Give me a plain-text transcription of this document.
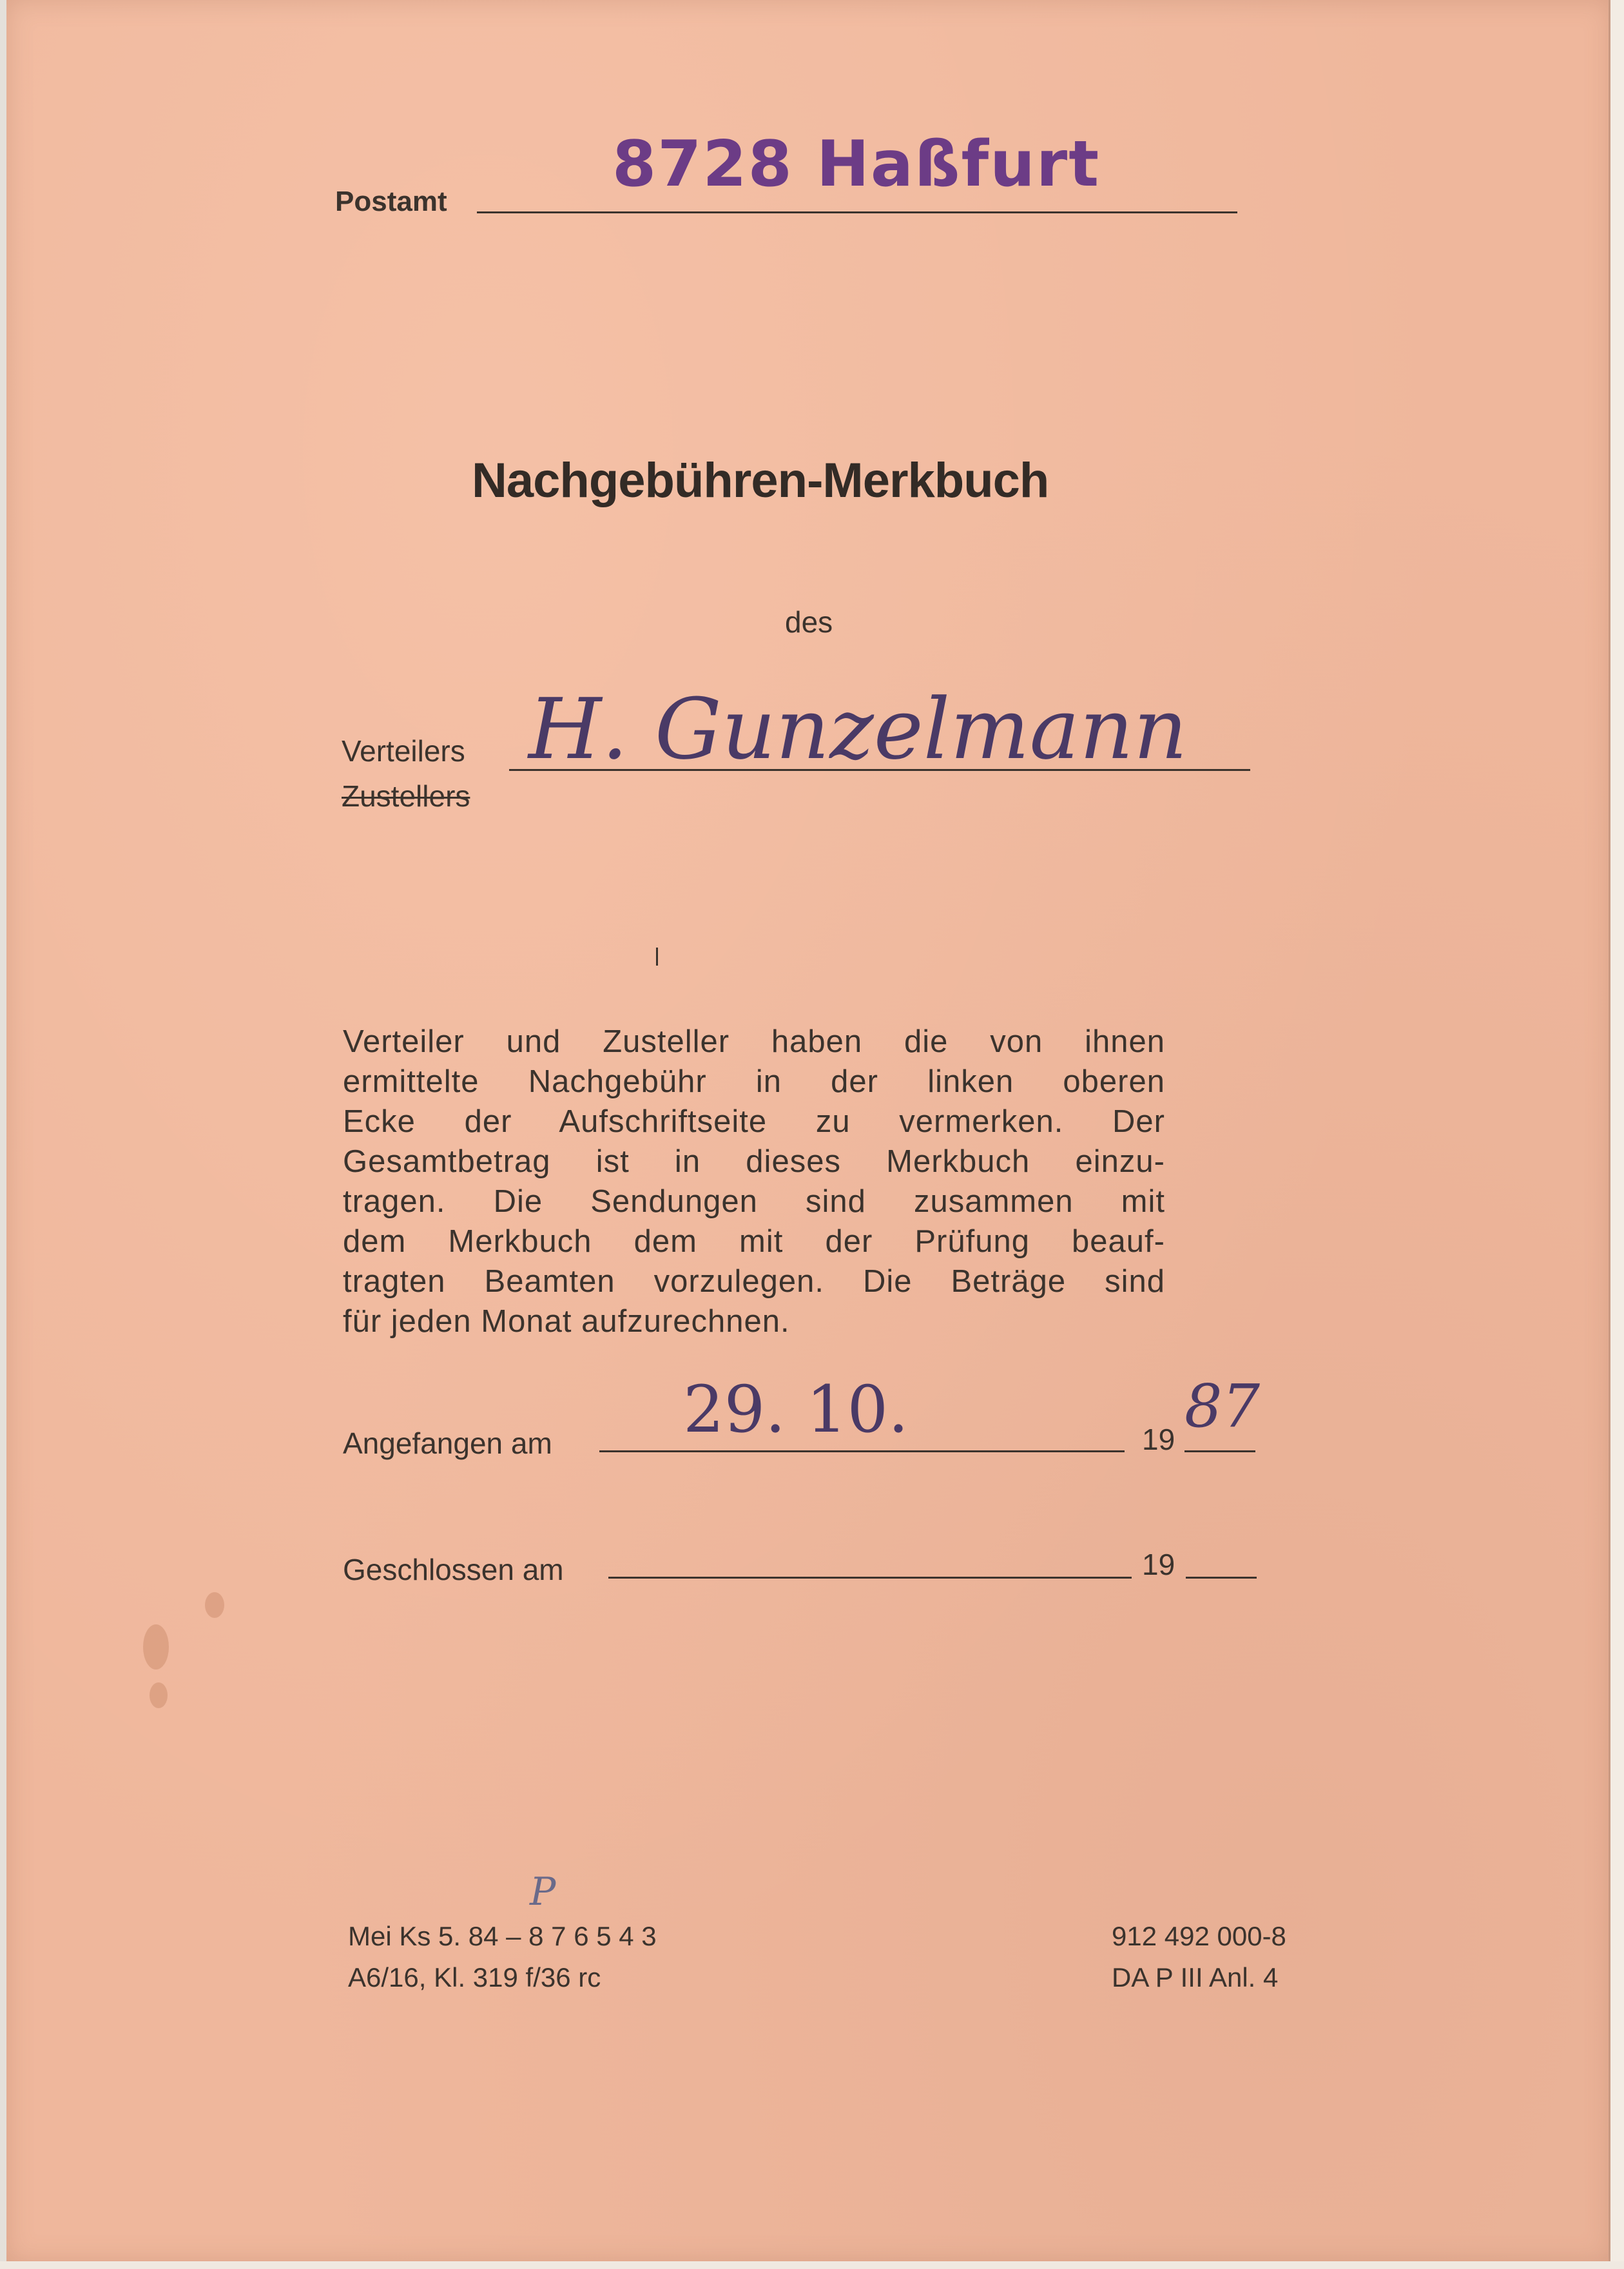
Postamt
8728 Haßfurt
Nachgebühren-Merkbuch
des
Verteilers
Zustellers
H. Gunzelmann
Verteiler und Zusteller haben die von ihnen
ermittelte Nachgebühr in der linken oberen
Ecke der Aufschriftseite zu vermerken. Der
Gesamtbetrag ist in dieses Merkbuch einzu-
tragen. Die Sendungen sind zusammen mit
dem Merkbuch dem mit der Prüfung beauf-
tragten Beamten vorzulegen. Die Beträge sind
für jeden Monat aufzurechnen.
Angefangen am 29. 10.	19 87
Geschlossen am	19
P
Mei Ks 5. 84 – 8 7 6 5 4 3
A6/16, Kl. 319 f/36 rc
912 492 000-8
DA P III Anl. 4
